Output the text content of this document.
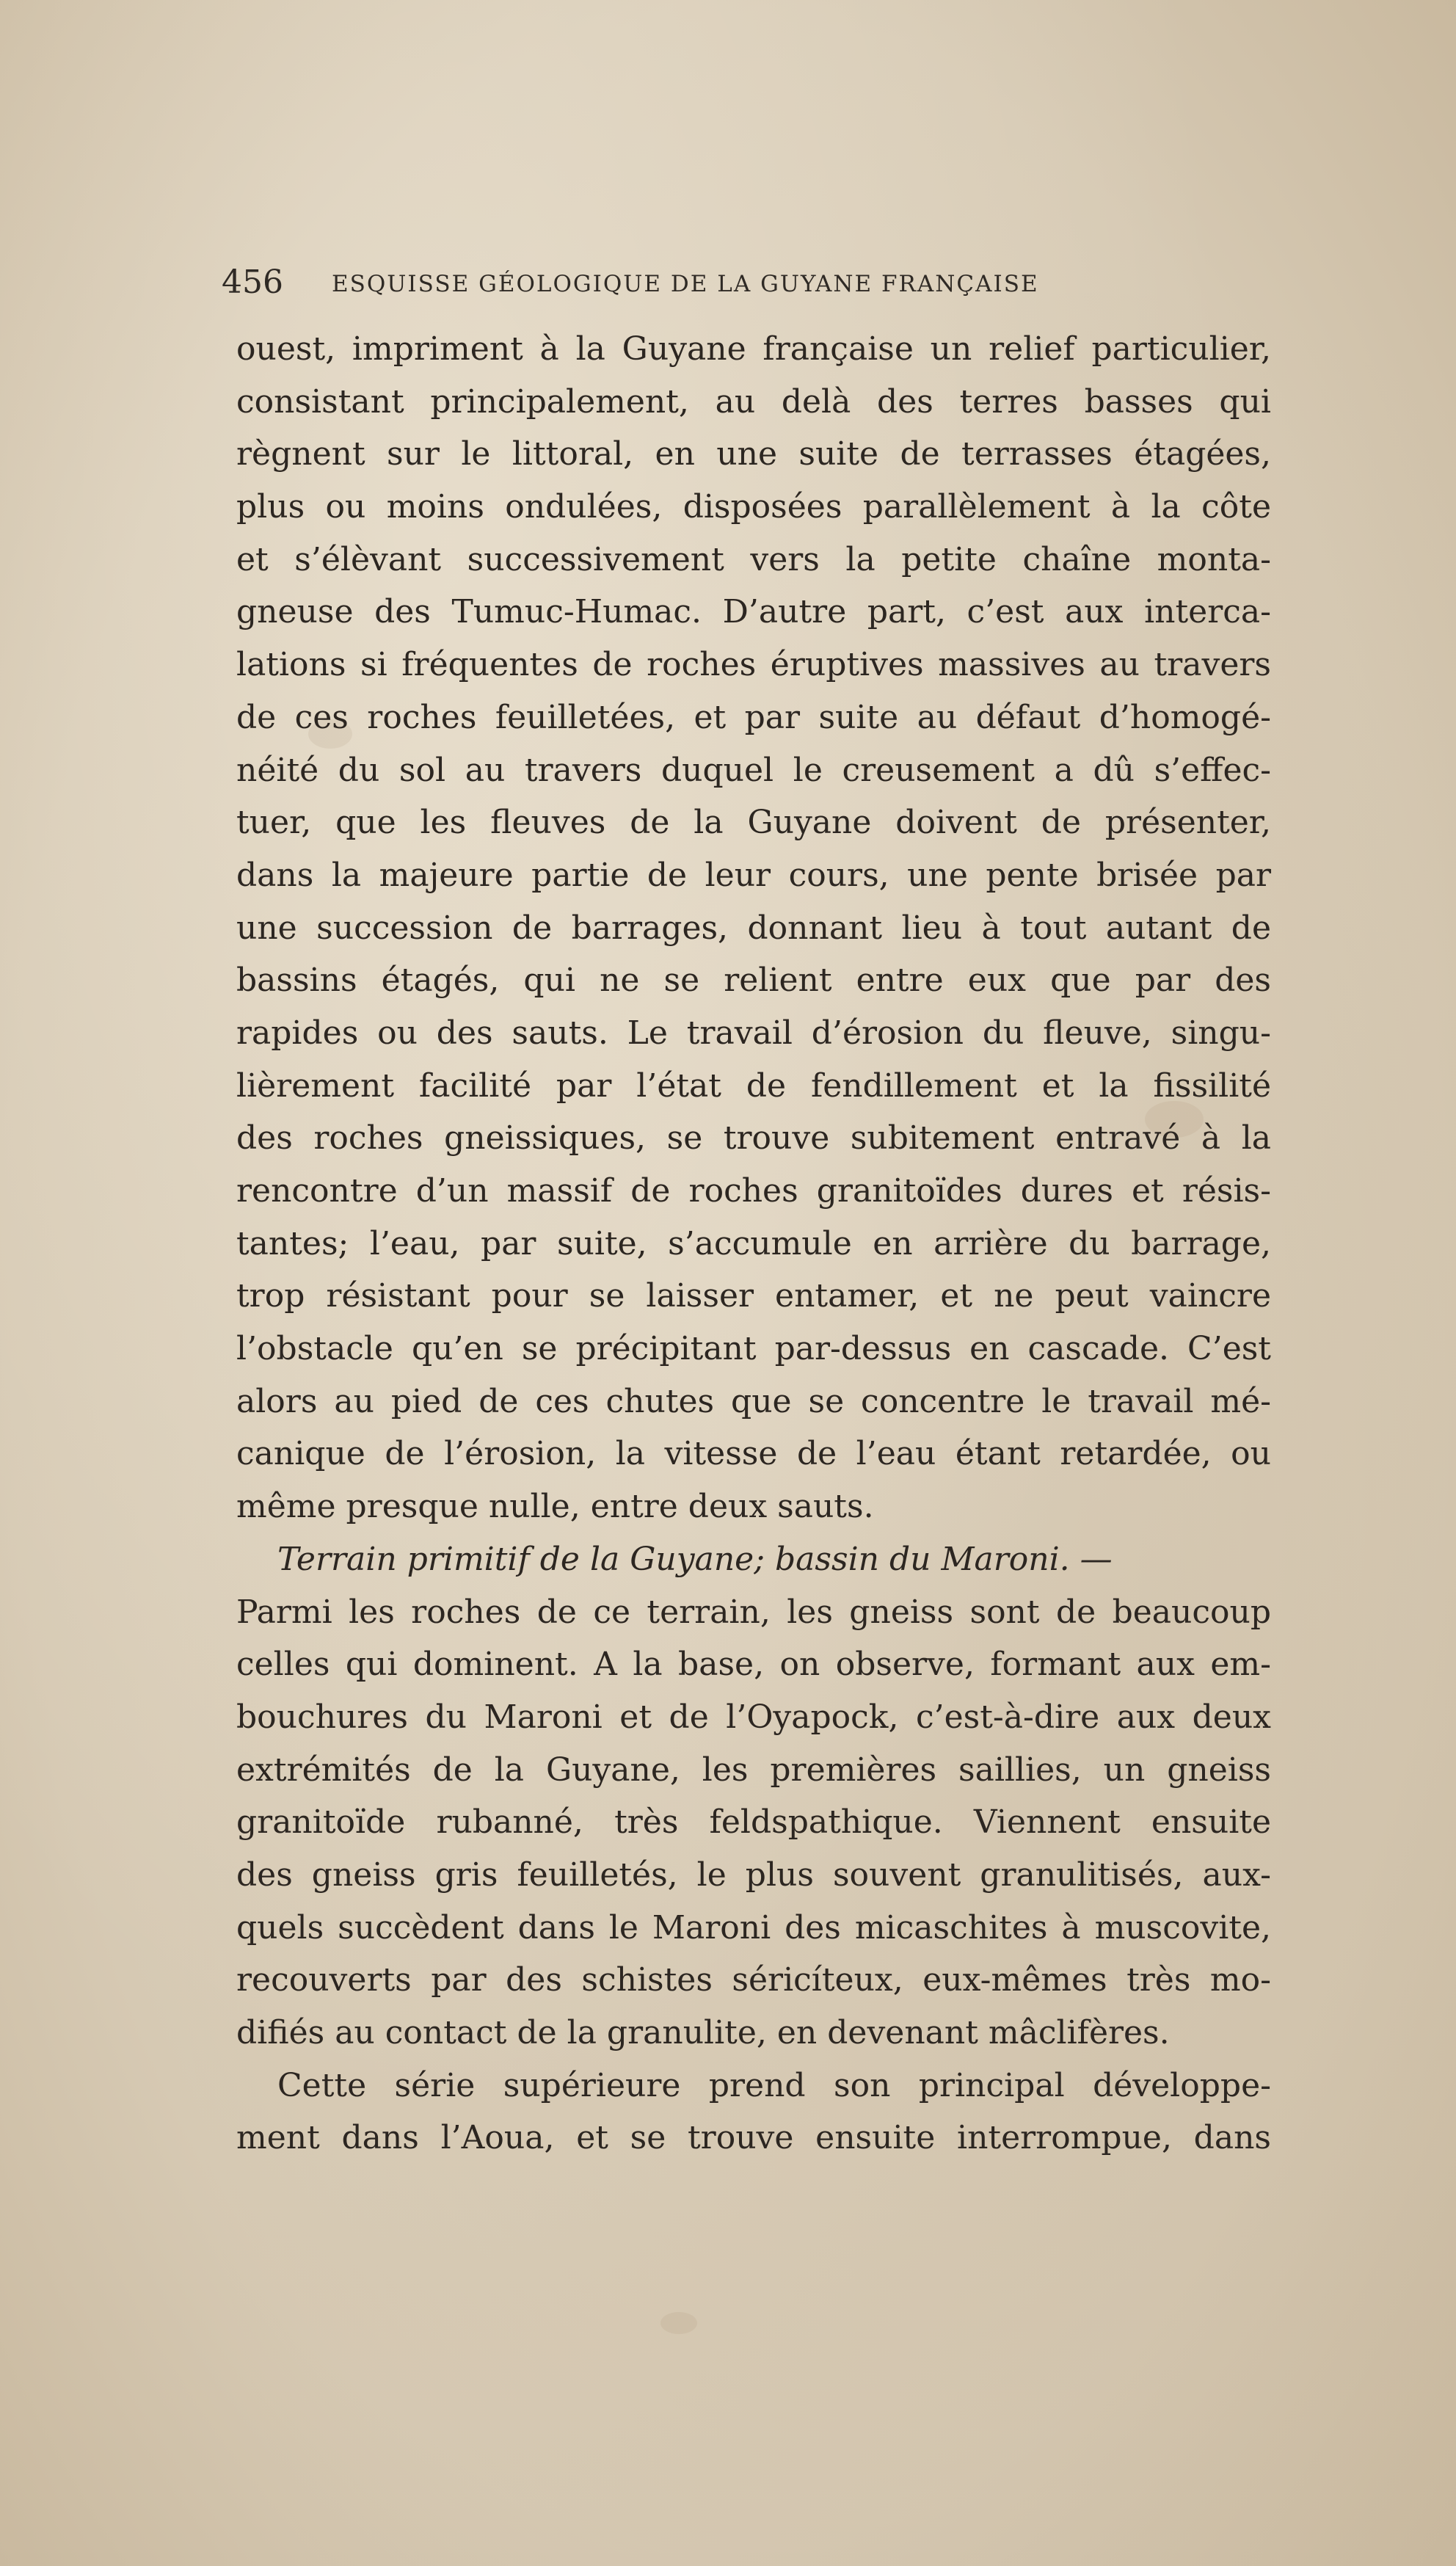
456 ESQUISSE GÉOLOGIQUE DE LA GUYANE FRANÇAISE
ouest, impriment à la Guyane française un relief particulier,
consistant principalement, au delà des terres basses qui
règnent sur le littoral, en une suite de terrasses étagées,
plus ou moins ondulées, disposées parallèlement à la côte
et s’élèvant successivement vers la petite chaîne monta-
gneuse des Tumuc-Humac. D’autre part, c’est aux interca-
lations si fréquentes de roches éruptives massives au travers
de ces roches feuilletées, et par suite au défaut d’homogé-
néité du sol au travers duquel le creusement a dû s’effec-
tuer, que les fleuves de la Guyane doivent de présenter,
dans la majeure partie de leur cours, une pente brisée par
une succession de barrages, donnant lieu à tout autant de
bassins étagés, qui ne se relient entre eux que par des
rapides ou des sauts. Le travail d’érosion du fleuve, singu-
lièrement facilité par l’état de fendillement et la fissilité
des roches gneissiques, se trouve subitement entravé à la
rencontre d’un massif de roches granitoïdes dures et résis-
tantes; l’eau, par suite, s’accumule en arrière du barrage,
trop résistant pour se laisser entamer, et ne peut vaincre
l’obstacle qu’en se précipitant par-dessus en cascade. C’est
alors au pied de ces chutes que se concentre le travail mé-
canique de l’érosion, la vitesse de l’eau étant retardée, ou
même presque nulle, entre deux sauts.
Terrain primitif de la Guyane; bassin du Maroni. —
Parmi les roches de ce terrain, les gneiss sont de beaucoup
celles qui dominent. A la base, on observe, formant aux em-
bouchures du Maroni et de l’Oyapock, c’est-à-dire aux deux
extrémités de la Guyane, les premières saillies, un gneiss
granitoïde rubanné, très feldspathique. Viennent ensuite
des gneiss gris feuilletés, le plus souvent granulitisés, aux-
quels succèdent dans le Maroni des micaschites à muscovite,
recouverts par des schistes séricíteux, eux-mêmes très mo-
difiés au contact de la granulite, en devenant mâclifères.
Cette série supérieure prend son principal développe-
ment dans l’Aoua, et se trouve ensuite interrompue, dans
